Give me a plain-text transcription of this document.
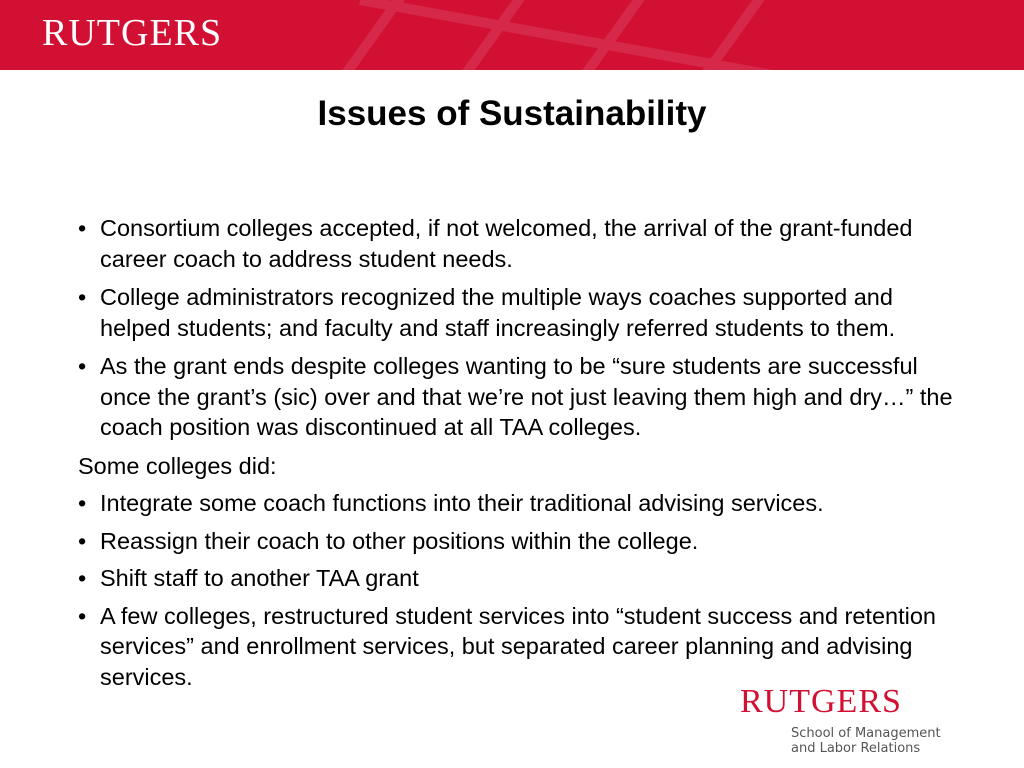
RUTGERS
Issues of Sustainability
• Consortium colleges accepted, if not welcomed, the arrival of the grant-funded career coach to address student needs.
• College administrators recognized the multiple ways coaches supported and helped students; and faculty and staff increasingly referred students to them.
• As the grant ends despite colleges wanting to be “sure students are successful once the grant’s (sic) over and that we’re not just leaving them high and dry…” the coach position was discontinued at all TAA colleges.
Some colleges did:
• Integrate some coach functions into their traditional advising services.
• Reassign their coach to other positions within the college.
• Shift staff to another TAA grant
• A few colleges, restructured student services into “student success and retention services” and enrollment services, but separated career planning and advising services.
RUTGERS
School of Management
and Labor Relations
